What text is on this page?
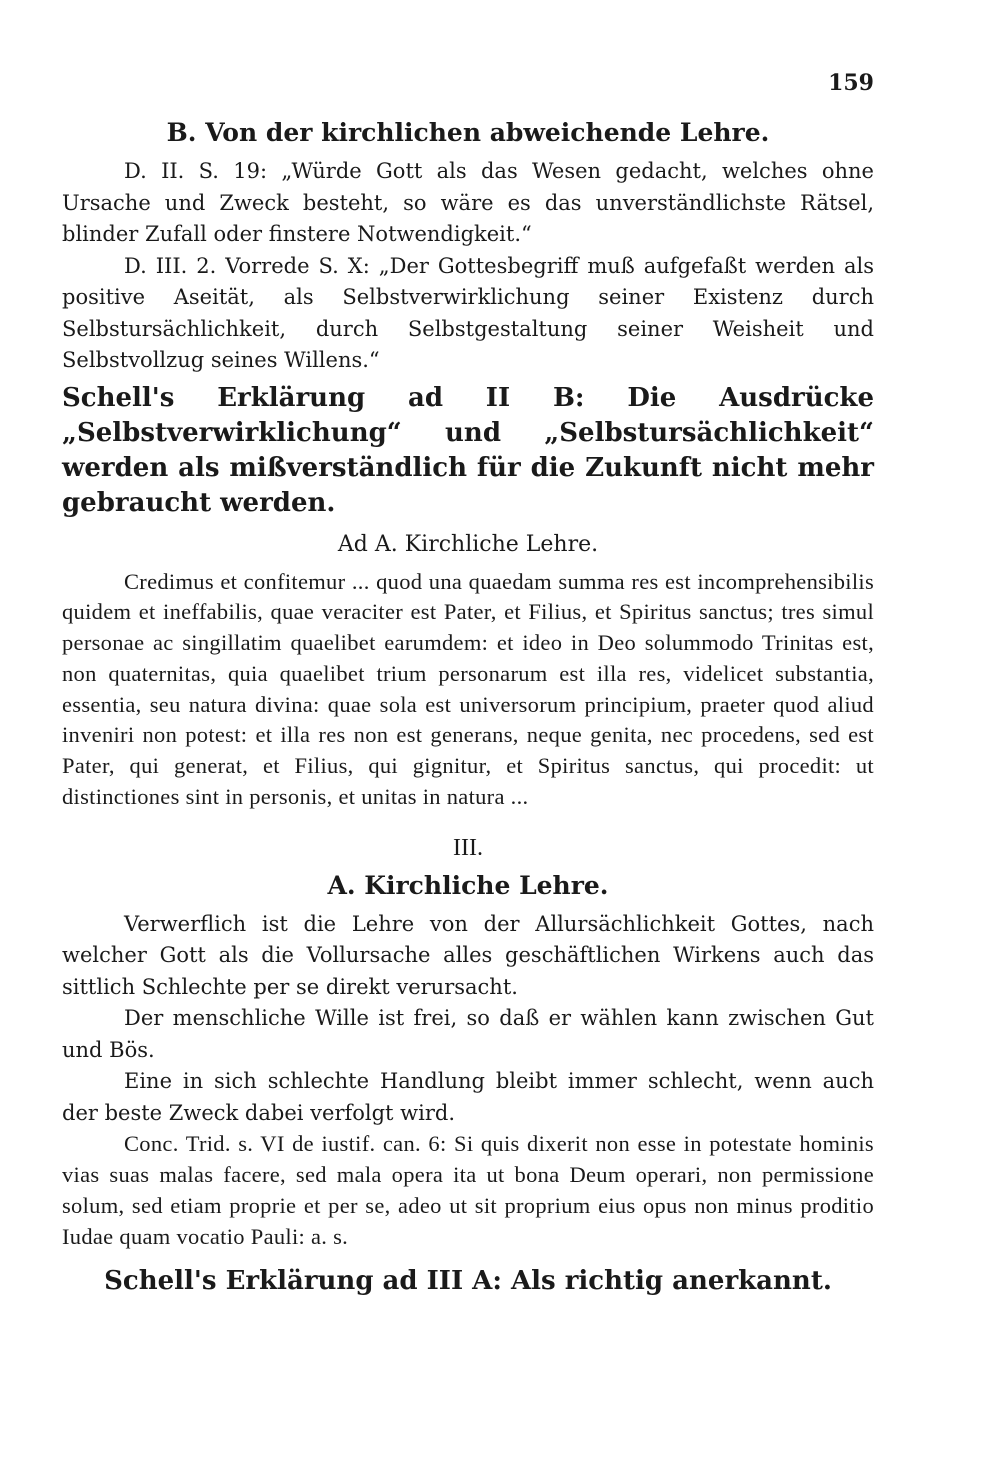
159
B. Von der kirchlichen abweichende Lehre.

D. II. S. 19: „Würde Gott als das Wesen gedacht, welches ohne Ursache und Zweck besteht, so wäre es das unverständlichste Rätsel, blinder Zufall oder finstere Notwendigkeit.“

D. III. 2. Vorrede S. X: „Der Gottesbegriff muß aufgefaßt werden als positive Aseität, als Selbstverwirklichung seiner Existenz durch Selbstursächlichkeit, durch Selbstgestaltung seiner Weisheit und Selbstvollzug seines Willens.“

Schell's Erklärung ad II B: Die Ausdrücke „Selbstverwirklichung“ und „Selbstursächlichkeit“ werden als mißverständlich für die Zukunft nicht mehr gebraucht werden.

Ad A. Kirchliche Lehre.

Credimus et confitemur ... quod una quaedam summa res est incomprehensibilis quidem et ineffabilis, quae veraciter est Pater, et Filius, et Spiritus sanctus; tres simul personae ac singillatim quaelibet earumdem: et ideo in Deo solummodo Trinitas est, non quaternitas, quia quaelibet trium personarum est illa res, videlicet substantia, essentia, seu natura divina: quae sola est universorum principium, praeter quod aliud inveniri non potest: et illa res non est generans, neque genita, nec procedens, sed est Pater, qui generat, et Filius, qui gignitur, et Spiritus sanctus, qui procedit: ut distinctiones sint in personis, et unitas in natura ...

III.
A. Kirchliche Lehre.

Verwerflich ist die Lehre von der Allursächlichkeit Gottes, nach welcher Gott als die Vollursache alles geschäftlichen Wirkens auch das sittlich Schlechte per se direkt verursacht.

Der menschliche Wille ist frei, so daß er wählen kann zwischen Gut und Bös.

Eine in sich schlechte Handlung bleibt immer schlecht, wenn auch der beste Zweck dabei verfolgt wird.

Conc. Trid. s. VI de iustif. can. 6: Si quis dixerit non esse in potestate hominis vias suas malas facere, sed mala opera ita ut bona Deum operari, non permissione solum, sed etiam proprie et per se, adeo ut sit proprium eius opus non minus proditio Iudae quam vocatio Pauli: a. s.

Schell's Erklärung ad III A: Als richtig anerkannt.
